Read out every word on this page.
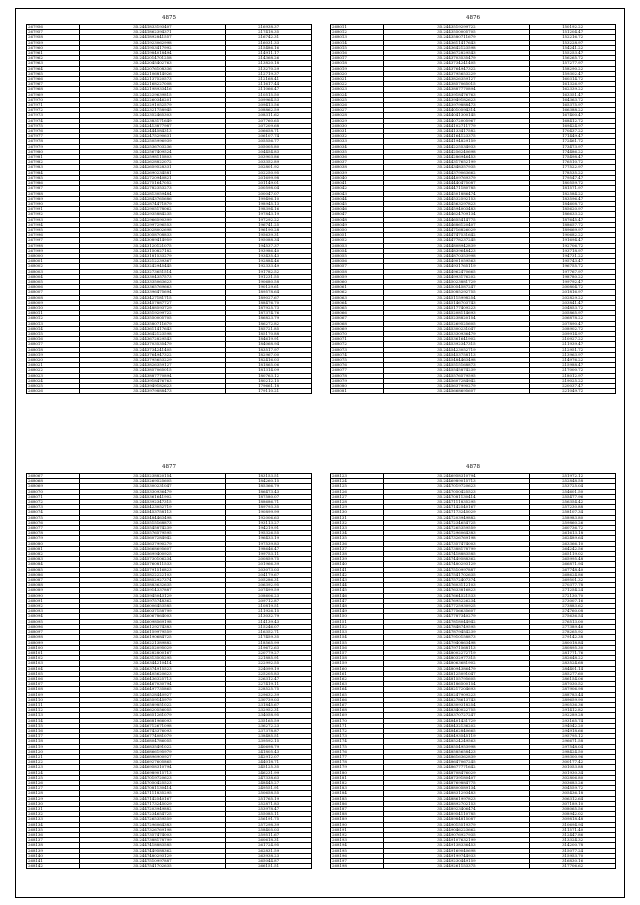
4875
267956	35.2441833193407	216938.37
267957	35.2441862394371	217418.35
267958	35.2441892841557	216742.31
267959	35.2441923062998	216031.33
267960	35.2441953417992	215486.16
267961	35.2441984018494	214911.17
267962	35.2442014701258	214368.26
267963	35.2442045402763	213820.18
267964	35.2442076108336	213270.29
267965	35.2442106814926	212719.37
267966	35.2442137520573	212168.41
267967	35.2442168227008	211617.44
267968	35.2442198933416	211066.47
267969	35.2442229639815	210515.50
267970	35.2442260346201	209964.53
267971	35.2442291052579	209413.56
267972	35.2442321758945	208862.59
267973	35.2442352465303	208311.62
267974	35.2442383171649	207760.65
267975	35.2442413877987	207209.68
267976	35.2442444584313	206658.71
267977	35.2442475290631	206107.74
267978	35.2442505996939	205556.77
267979	35.2442536703236	205005.80
267980	35.2442567409524	204454.83
267981	35.2442598115803	203903.86
267982	35.2442628822072	203352.89
267983	35.2442659528331	202801.92
267984	35.2442690234581	202250.95
267985	35.2442720940821	201699.98
267986	35.2442751647052	201149.01
267987	35.2442782353273	200598.04
267988	35.2442813059484	200047.07
267989	35.2442843765686	199496.10
267990	35.2442874471879	198945.13
267991	35.2442905178062	198394.16
267992	35.2442935884235	197843.19
267993	35.2442966590399	197292.22
267994	35.2442997296553	196741.25
267995	35.2443028002698	196190.28
267996	35.2443058708833	195639.31
267997	35.2443089414959	195088.34
267998	35.2443120121075	194537.37
267999	35.2443150827182	193986.40
268000	35.2443181533279	193435.43
268001	35.2443212239367	192884.46
268002	35.2443242945445	192333.49
268003	35.2443273651514	191782.52
268004	35.2443304357573	191231.55
268005	35.2443335063623	190680.58
268006	35.2443365769663	190129.61
268007	35.2443396475694	189578.64
268008	35.2443427181715	189027.67
268009	35.2443457887727	188476.70
268010	35.2443488593729	187925.73
268011	35.2443519299722	187374.76
268012	35.2443550005705	186823.79
268013	35.2443580711679	186272.82
268014	35.2443611417643	185721.85
268015	35.2443642123598	185170.88
268016	35.2443672829543	184619.91
268017	35.2443703535479	184068.94
268018	35.2443734241405	183517.97
268019	35.2443764947322	182967.00
268020	35.2443795653229	182416.03
268021	35.2443826359127	181865.06
268022	35.2443857065015	181314.09
268023	35.2443887770894	180763.12
268024	35.2443918476763	180212.15
268025	35.2443949182623	179661.18
268026	35.2443979888473	179110.21
4876
268011	35.2443519299722	150192.22
268012	35.2443550005705	151204.47
268013	35.2443580711679	152216.72
268014	35.2443611417643	153228.97
268015	35.2443642123598	154241.22
268016	35.2443672829543	155253.47
268017	35.2443703535479	156265.72
268018	35.2443734241405	157277.97
268019	35.2443764947322	158290.22
268020	35.2443795653229	159302.47
268021	35.2443826359127	160314.72
268022	35.2443857065015	161326.97
268023	35.2443887770894	162339.22
268024	35.2443918476763	163351.47
268025	35.2443949182623	164363.72
268026	35.2443979888473	165375.97
268027	35.2444010594314	166388.22
268028	35.2444041300145	167400.47
268029	35.2444072005967	168412.72
268030	35.2444102711779	169424.97
268031	35.2444133417582	170437.22
268032	35.2444164123375	171449.47
268033	35.2444194829159	172461.72
268034	35.2444225534933	173473.97
268035	35.2444256240698	174486.22
268036	35.2444286946453	175498.47
268037	35.2444317652199	176510.72
268038	35.2444348357935	177522.97
268039	35.2444379063662	178535.22
268040	35.2444409769379	179547.47
268041	35.2444440475087	180559.72
268042	35.2444471180785	181571.97
268043	35.2444501886474	182584.22
268044	35.2444532592153	183596.47
268045	35.2444563297823	184608.72
268046	35.2444594003483	185620.97
268047	35.2444624709134	186633.22
268048	35.2444655414775	187645.47
268049	35.2444686120407	188657.72
268050	35.2444716826029	189669.97
268051	35.2444747531642	190682.22
268052	35.2444778237245	191694.47
268053	35.2444808942839	192706.72
268054	35.2444839648423	193718.97
268055	35.2444870353998	194731.22
268056	35.2444901059563	195743.47
268057	35.2444931765119	196755.72
268058	35.2444962470665	197767.97
268059	35.2444993176202	198780.22
268060	35.2445023881729	199792.47
268061	35.2445054587247	200804.72
268062	35.2445085292755	201816.97
268063	35.2445115998254	202829.22
268064	35.2445146703743	203841.47
268065	35.2445177409223	204853.72
268066	35.2445208114693	205865.97
268067	35.2445238820154	206878.22
268068	35.2445269525605	207890.47
268069	35.2445300231047	208902.72
268070	35.2445330936479	209914.97
268071	35.2445361641902	210927.22
268072	35.2445392347315	211939.47
268073	35.2445423052719	212951.72
268074	35.2445453758113	213963.97
268075	35.2445484463498	214976.22
268076	35.2445515168873	215988.47
268077	35.2445545874239	217000.72
268078	35.2445576579595	218012.97
268079	35.2445607284942	219025.22
268080	35.2445637990279	220037.47
268081	35.2445668695607	221049.72
4877
268067	35.2445238820154	183153.51
268068	35.2445269525605	184260.15
268069	35.2445300231047	185366.79
268070	35.2445330936479	186473.43
268071	35.2445361641902	187580.07
268072	35.2445392347315	188686.71
268073	35.2445423052719	189793.35
268074	35.2445453758113	190899.99
268075	35.2445484463498	192006.63
268076	35.2445515168873	193113.27
268077	35.2445545874239	194219.91
268078	35.2445576579595	195326.55
268079	35.2445607284942	196433.19
268080	35.2445637990279	197539.83
268081	35.2445668695607	198646.47
268082	35.2445699400925	199753.11
268083	35.2445730106234	200859.75
268084	35.2445760811533	201966.39
268085	35.2445791516823	203073.03
268086	35.2445822222103	204179.67
268087	35.2445852927374	205286.31
268088	35.2445883632635	206392.95
268089	35.2445914337887	207499.59
268090	35.2445945043129	208606.23
268091	35.2445975748362	209712.87
268092	35.2446006453585	210819.51
268093	35.2446037158799	211926.15
268094	35.2446067864003	213032.79
268095	35.2446098569198	214139.43
268096	35.2446129274383	215246.07
268097	35.2446159979559	216352.71
268098	35.2446190684725	217459.35
268099	35.2446221389882	218565.99
268100	35.2446252095029	219672.63
268101	35.2446282800167	220779.27
268102	35.2446313505295	221885.91
268103	35.2446344210414	222992.55
268104	35.2446374915523	224099.19
268105	35.2446405620623	225205.83
268106	35.2446436325713	226312.47
268107	35.2446467030794	227419.11
268108	35.2446497735865	228525.75
268109	35.2446528440927	229632.39
268110	35.2446559145979	230739.03
268111	35.2446589851022	231845.67
268112	35.2446620556055	232952.31
268113	35.2446651261079	234058.95
268114	35.2446681966093	235165.59
268115	35.2446712671098	236272.23
268116	35.2446743376093	237378.87
268117	35.2446774081079	238485.51
268118	35.2446804786055	239592.15
268119	35.2446835491022	240698.79
268120	35.2446866195979	241805.43
268121	35.2446896900927	242912.07
268122	35.2446927605865	244018.71
268123	35.2446958310794	245125.35
268124	35.2446989015713	246231.99
268125	35.2447019720623	247338.63
268126	35.2447050425523	248445.27
268127	35.2447081130414	249551.91
268128	35.2447111835295	250658.55
268129	35.2447142540167	251765.19
268130	35.2447173245029	252871.83
268131	35.2447203949882	253978.47
268132	35.2447234654725	255085.11
268133	35.2447265359559	256191.75
268134	35.2447296064383	257298.39
268135	35.2447326769198	258405.03
268136	35.2447357474003	259511.67
268137	35.2447388178799	260618.31
268138	35.2447418883585	261724.95
268139	35.2447449588362	262831.59
268140	35.2447480293129	263938.23
268141	35.2447510997887	265044.87
268142	35.2447541702635	266151.51
4878
268123	35.2446958310794	251972.12
268124	35.2446989015713	252848.58
268125	35.2447019720623	253725.04
268126	35.2447050425523	254601.50
268127	35.2447081130414	255477.96
268128	35.2447111835295	256354.42
268129	35.2447142540167	257230.88
268130	35.2447173245029	258107.34
268131	35.2447203949882	258983.80
268132	35.2447234654725	259860.26
268133	35.2447265359559	260736.72
268134	35.2447296064383	261613.18
268135	35.2447326769198	262489.64
268136	35.2447357474003	263366.10
268137	35.2447388178799	264242.56
268138	35.2447418883585	265119.02
268139	35.2447449588362	265995.48
268140	35.2447480293129	266871.94
268141	35.2447510997887	267748.40
268142	35.2447541702635	268624.86
268143	35.2447572407374	269501.32
268144	35.2447603112103	270377.78
268145	35.2447633816823	271254.24
268146	35.2447664521533	272130.70
268147	35.2447695226234	273007.16
268148	35.2447725930925	273883.62
268149	35.2447756635607	274760.08
268150	35.2447787340279	275636.54
268151	35.2447818044942	276513.00
268152	35.2447848749595	277389.46
268153	35.2447879454239	278265.92
268154	35.2447910158873	279142.38
268155	35.2447940863498	280018.84
268156	35.2447971568113	280895.30
268157	35.2448002272719	281771.76
268158	35.2448032977315	282648.22
268159	35.2448063681902	283524.68
268160	35.2448094386479	284401.14
268161	35.2448125091047	285277.60
268162	35.2448155795605	286154.06
268163	35.2448186500154	287030.52
268164	35.2448217204693	287906.98
268165	35.2448247909223	288783.44
268166	35.2448278613743	289659.90
268167	35.2448309318254	290536.36
268168	35.2448340022755	291412.82
268169	35.2448370727247	292289.28
268170	35.2448401431729	293165.74
268171	35.2448432136202	294042.20
268172	35.2448462840665	294918.66
268173	35.2448493545119	295795.12
268174	35.2448524249563	296671.58
268175	35.2448554953998	297548.04
268176	35.2448585658423	298424.50
268177	35.2448616362839	299300.96
268178	35.2448647067245	300177.42
268179	35.2448677771642	301053.88
268180	35.2448708476029	301930.34
268181	35.2448739180407	302806.80
268182	35.2448769884775	303683.26
268183	35.2448800589134	304559.72
268184	35.2448831293483	305436.18
268185	35.2448861997823	306312.64
268186	35.2448892702153	307189.10
268187	35.2448923406474	308065.56
268188	35.2448954110785	308942.02
268189	35.2448984815087	309818.48
268190	35.2449015519379	310694.94
268191	35.2449046223662	311571.40
268192	35.2449076927935	312447.86
268193	35.2449107632199	313324.32
268194	35.2449138336453	314200.78
268195	35.2449169040698	315077.24
268196	35.2449199744933	315953.70
268197	35.2449230449159	316830.16
268198	35.2449261153375	317706.62
